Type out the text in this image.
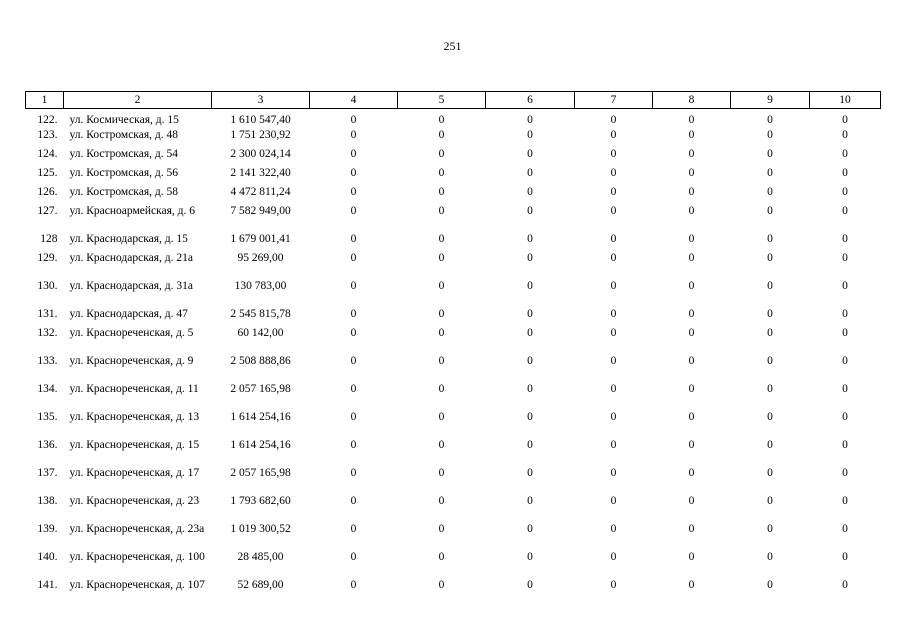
251
1	2	3	4	5	6	7	8	9	10
122.	ул. Космическая, д. 15	1 610 547,40	0	0	0	0	0	0	0
123.	ул. Костромская, д. 48	1 751 230,92	0	0	0	0	0	0	0
124.	ул. Костромская, д. 54	2 300 024,14	0	0	0	0	0	0	0
125.	ул. Костромская, д. 56	2 141 322,40	0	0	0	0	0	0	0
126.	ул. Костромская, д. 58	4 472 811,24	0	0	0	0	0	0	0
127.	ул. Красноармейская, д. 6	7 582 949,00	0	0	0	0	0	0	0
128	ул. Краснодарская, д. 15	1 679 001,41	0	0	0	0	0	0	0
129.	ул. Краснодарская, д. 21а	95 269,00	0	0	0	0	0	0	0
130.	ул. Краснодарская, д. 31а	130 783,00	0	0	0	0	0	0	0
131.	ул. Краснодарская, д. 47	2 545 815,78	0	0	0	0	0	0	0
132.	ул. Краснореченская, д. 5	60 142,00	0	0	0	0	0	0	0
133.	ул. Краснореченская, д. 9	2 508 888,86	0	0	0	0	0	0	0
134.	ул. Краснореченская, д. 11	2 057 165,98	0	0	0	0	0	0	0
135.	ул. Краснореченская, д. 13	1 614 254,16	0	0	0	0	0	0	0
136.	ул. Краснореченская, д. 15	1 614 254,16	0	0	0	0	0	0	0
137.	ул. Краснореченская, д. 17	2 057 165,98	0	0	0	0	0	0	0
138.	ул. Краснореченская, д. 23	1 793 682,60	0	0	0	0	0	0	0
139.	ул. Краснореченская, д. 23а	1 019 300,52	0	0	0	0	0	0	0
140.	ул. Краснореченская, д. 100	28 485,00	0	0	0	0	0	0	0
141.	ул. Краснореченская, д. 107	52 689,00	0	0	0	0	0	0	0
